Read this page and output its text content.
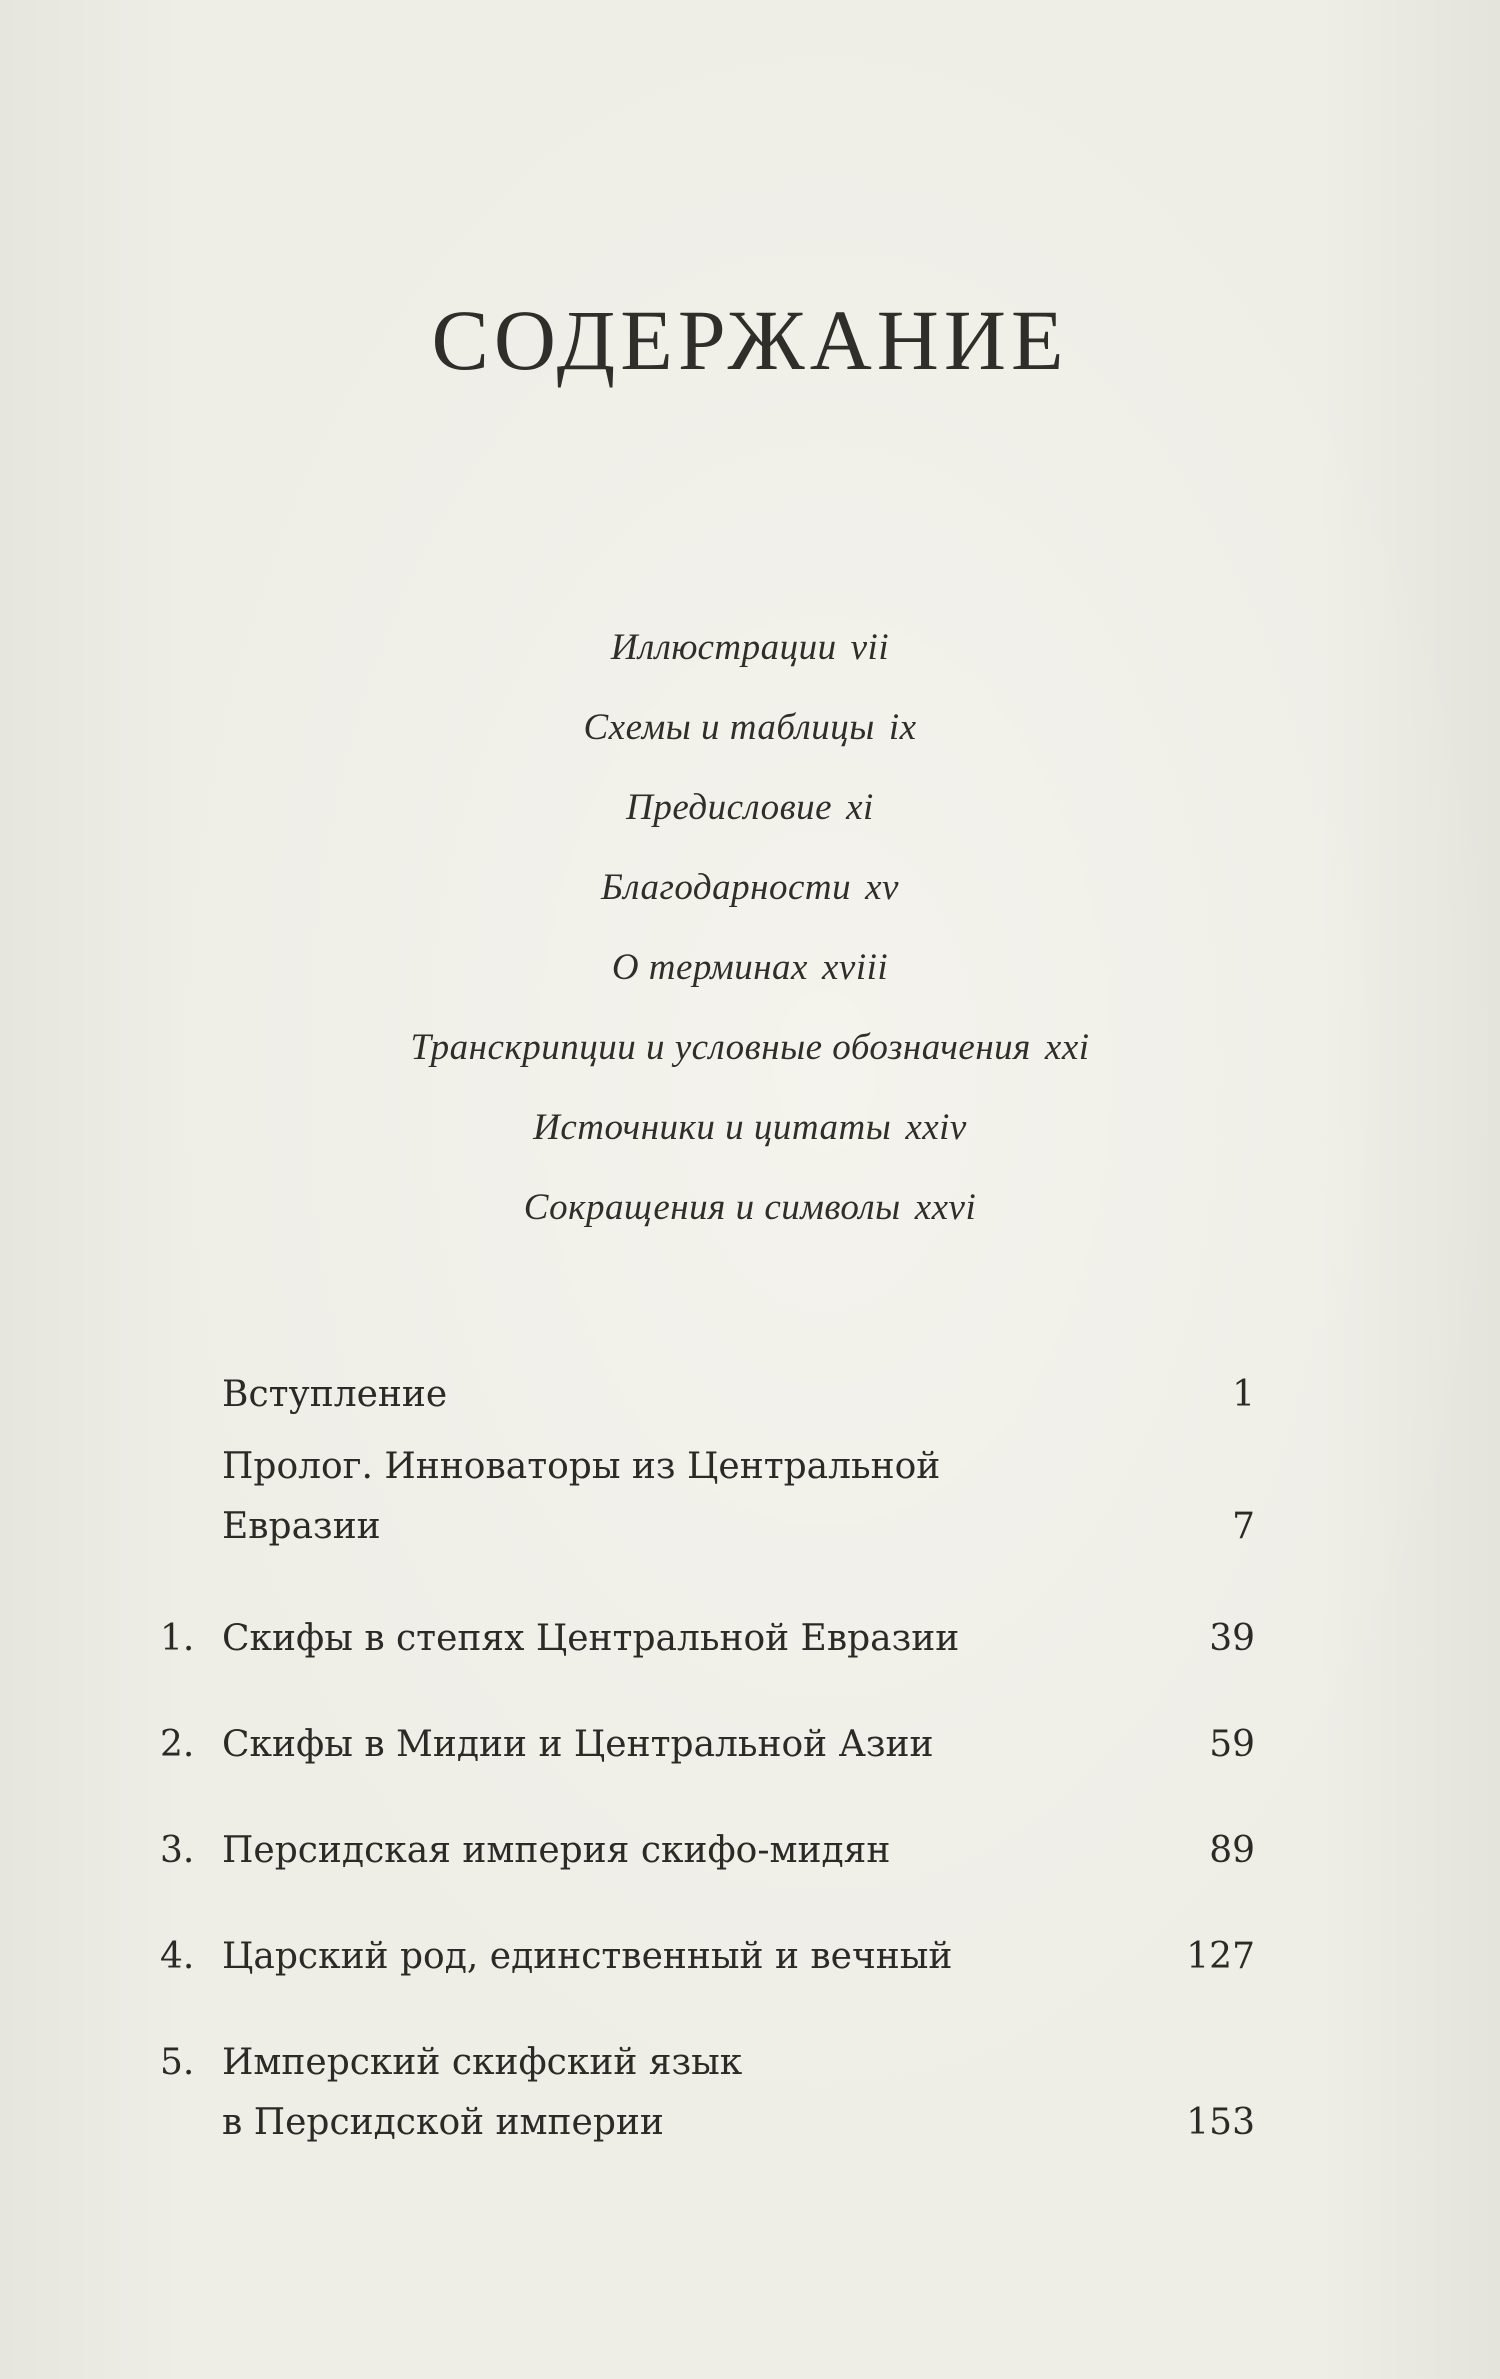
СОДЕРЖАНИЕ
Иллюстрации vii
Схемы и таблицы ix
Предисловие xi
Благодарности xv
О терминах xviii
Транскрипции и условные обозначения xxi
Источники и цитаты xxiv
Сокращения и символы xxvi
Вступление	1
Пролог. Инноваторы из Центральной
Евразии	7
1. Скифы в степях Центральной Евразии	39
2. Скифы в Мидии и Центральной Азии	59
3. Персидская империя скифо-мидян	89
4. Царский род, единственный и вечный	127
5. Имперский скифский язык
в Персидской империи	153
